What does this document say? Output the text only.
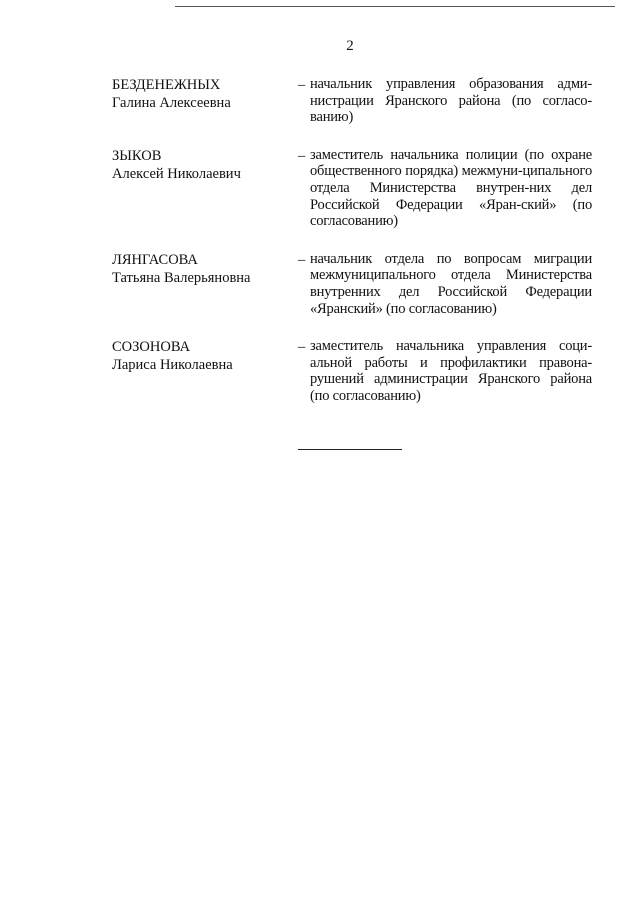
2
БЕЗДЕНЕЖНЫХ
Галина Алексеевна
– начальник управления образования адми-нистрации Яранского района (по согласо-ванию)
ЗЫКОВ
Алексей Николаевич
– заместитель начальника полиции (по охране общественного порядка) межмуни-ципального отдела Министерства внутрен-них дел Российской Федерации «Яран-ский» (по согласованию)
ЛЯНГАСОВА
Татьяна Валерьяновна
– начальник отдела по вопросам миграции межмуниципального отдела Министерства внутренних дел Российской Федерации «Яранский» (по согласованию)
СОЗОНОВА
Лариса Николаевна
– заместитель начальника управления соци-альной работы и профилактики правона-рушений администрации Яранского района (по согласованию)
